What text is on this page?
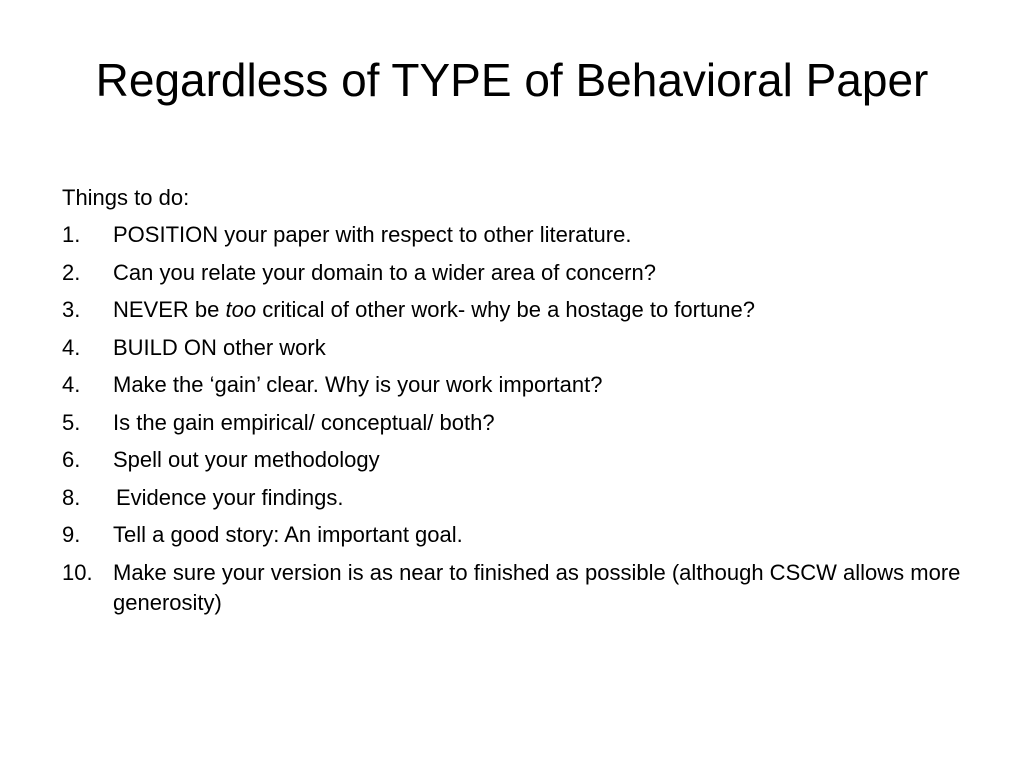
Regardless of TYPE of Behavioral Paper
Things to do:
1.	POSITION your paper with respect to other literature.
2.	Can you relate your domain to a wider area of concern?
3.	NEVER be too critical of other work- why be a hostage to fortune?
4.	BUILD ON other work
4.	Make the ‘gain’ clear. Why is your work important?
5.	Is the gain empirical/ conceptual/ both?
6.	Spell out your methodology
8.	Evidence your findings.
9.	Tell a good story: An important goal.
10. Make sure your version is as near to finished as possible (although CSCW allows more generosity)
